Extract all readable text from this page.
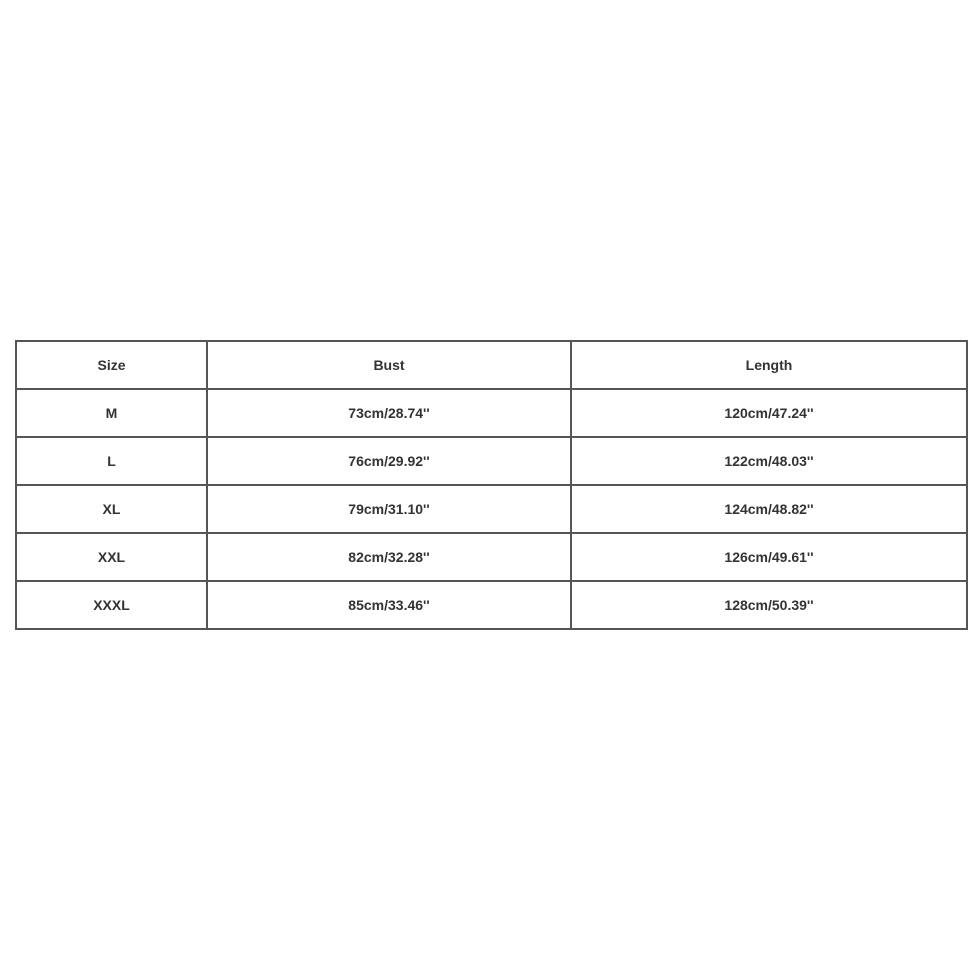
Size	Bust	Length
M	73cm/28.74''	120cm/47.24''
L	76cm/29.92''	122cm/48.03''
XL	79cm/31.10''	124cm/48.82''
XXL	82cm/32.28''	126cm/49.61''
XXXL	85cm/33.46''	128cm/50.39''
